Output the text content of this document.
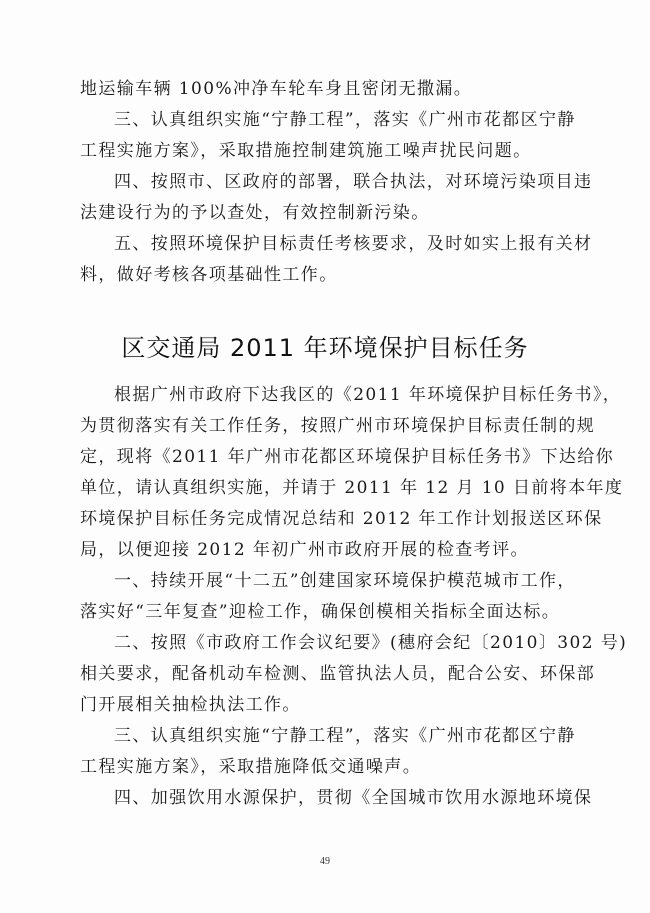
地运输车辆 100%冲净车轮车身且密闭无撒漏。
三、认真组织实施“宁静工程”，落实《广州市花都区宁静
工程实施方案》，采取措施控制建筑施工噪声扰民问题。
四、按照市、区政府的部署，联合执法，对环境污染项目违
法建设行为的予以查处，有效控制新污染。
五、按照环境保护目标责任考核要求，及时如实上报有关材
料，做好考核各项基础性工作。
区交通局 2011 年环境保护目标任务
根据广州市政府下达我区的《2011 年环境保护目标任务书》，
为贯彻落实有关工作任务，按照广州市环境保护目标责任制的规
定，现将《2011 年广州市花都区环境保护目标任务书》下达给你
单位，请认真组织实施，并请于 2011 年 12 月 10 日前将本年度
环境保护目标任务完成情况总结和 2012 年工作计划报送区环保
局，以便迎接 2012 年初广州市政府开展的检查考评。
一、持续开展“十二五”创建国家环境保护模范城市工作，
落实好“三年复查”迎检工作，确保创模相关指标全面达标。
二、按照《市政府工作会议纪要》(穗府会纪〔2010〕302 号)
相关要求，配备机动车检测、监管执法人员，配合公安、环保部
门开展相关抽检执法工作。
三、认真组织实施“宁静工程”，落实《广州市花都区宁静
工程实施方案》，采取措施降低交通噪声。
四、加强饮用水源保护，贯彻《全国城市饮用水源地环境保
49
